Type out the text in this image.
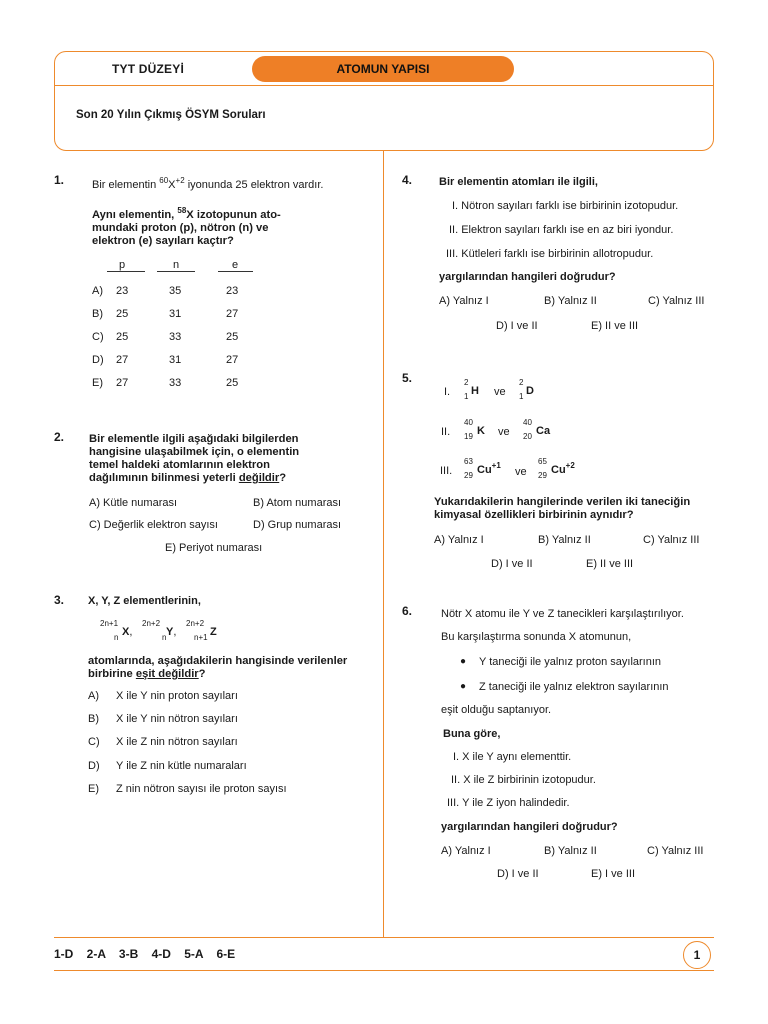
TYT DÜZEYİ	ATOMUN YAPISI
Son 20 Yılın Çıkmış ÖSYM Soruları
1.	Bir elementin $^{60}X^{+2}$ iyonunda 25 elektron vardır.
Aynı elementin, $^{58}$X izotopunun ato-
mundaki proton (p), nötron (n) ve
elektron (e) sayıları kaçtır?
p	n	e
A) 23	35	23
B) 25	31	27
C) 25	33	25
D) 27	31	27
E) 27	33	25
2. Bir elementle ilgili aşağıdaki bilgilerden
hangisine ulaşabilmek için, o elementin
temel haldeki atomlarının elektron
dağılımının bilinmesi yeterli değildir?
A) Kütle numarası	B) Atom numarası
C) Değerlik elektron sayısı	D) Grup numarası
E) Periyot numarası
3. X, Y, Z elementlerinin,
2n+1
n X,
2n+2
n Y,
2n+2
n+1 Z
atomlarında, aşağıdakilerin hangisinde verilenler
birbirine eşit değildir?
A) X ile Y nin proton sayıları
B) X ile Y nin nötron sayıları
C) X ile Z nin nötron sayıları
D) Y ile Z nin kütle numaraları
E) Z nin nötron sayısı ile proton sayısı
4. Bir elementin atomları ile ilgili,
I. Nötron sayıları farklı ise birbirinin izotopudur.
II. Elektron sayıları farklı ise en az biri iyondur.
III. Kütleleri farklı ise birbirinin allotropudur.
yargılarından hangileri doğrudur?
A) Yalnız I	B) Yalnız II	C) Yalnız III
D) I ve II	E) II ve III
5.
I.
2
1 H ve
2
1 D
II.
40
19 K ve
40
20 Ca
III.
63
29 $Cu^{+1}$
ve
65
29 $Cu^{+2}$
Yukarıdakilerin hangilerinde verilen iki taneciğin
kimyasal özellikleri birbirinin aynıdır?
A) Yalnız I	B) Yalnız II	C) Yalnız III
D) I ve II	E) II ve III
6.	Nötr X atomu ile Y ve Z tanecikleri karşılaştırılıyor.
Bu karşılaştırma sonunda X atomunun,
● Y taneciği ile yalnız proton sayılarının
● Z taneciği ile yalnız elektron sayılarının
eşit olduğu saptanıyor.
Buna göre,
I. X ile Y aynı elementtir.
II. X ile Z birbirinin izotopudur.
III. Y ile Z iyon halindedir.
yargılarından hangileri doğrudur?
A) Yalnız I	B) Yalnız II	C) Yalnız III
D) I ve II	E) I ve III
1-D 2-A 3-B 4-D 5-A 6-E	1
